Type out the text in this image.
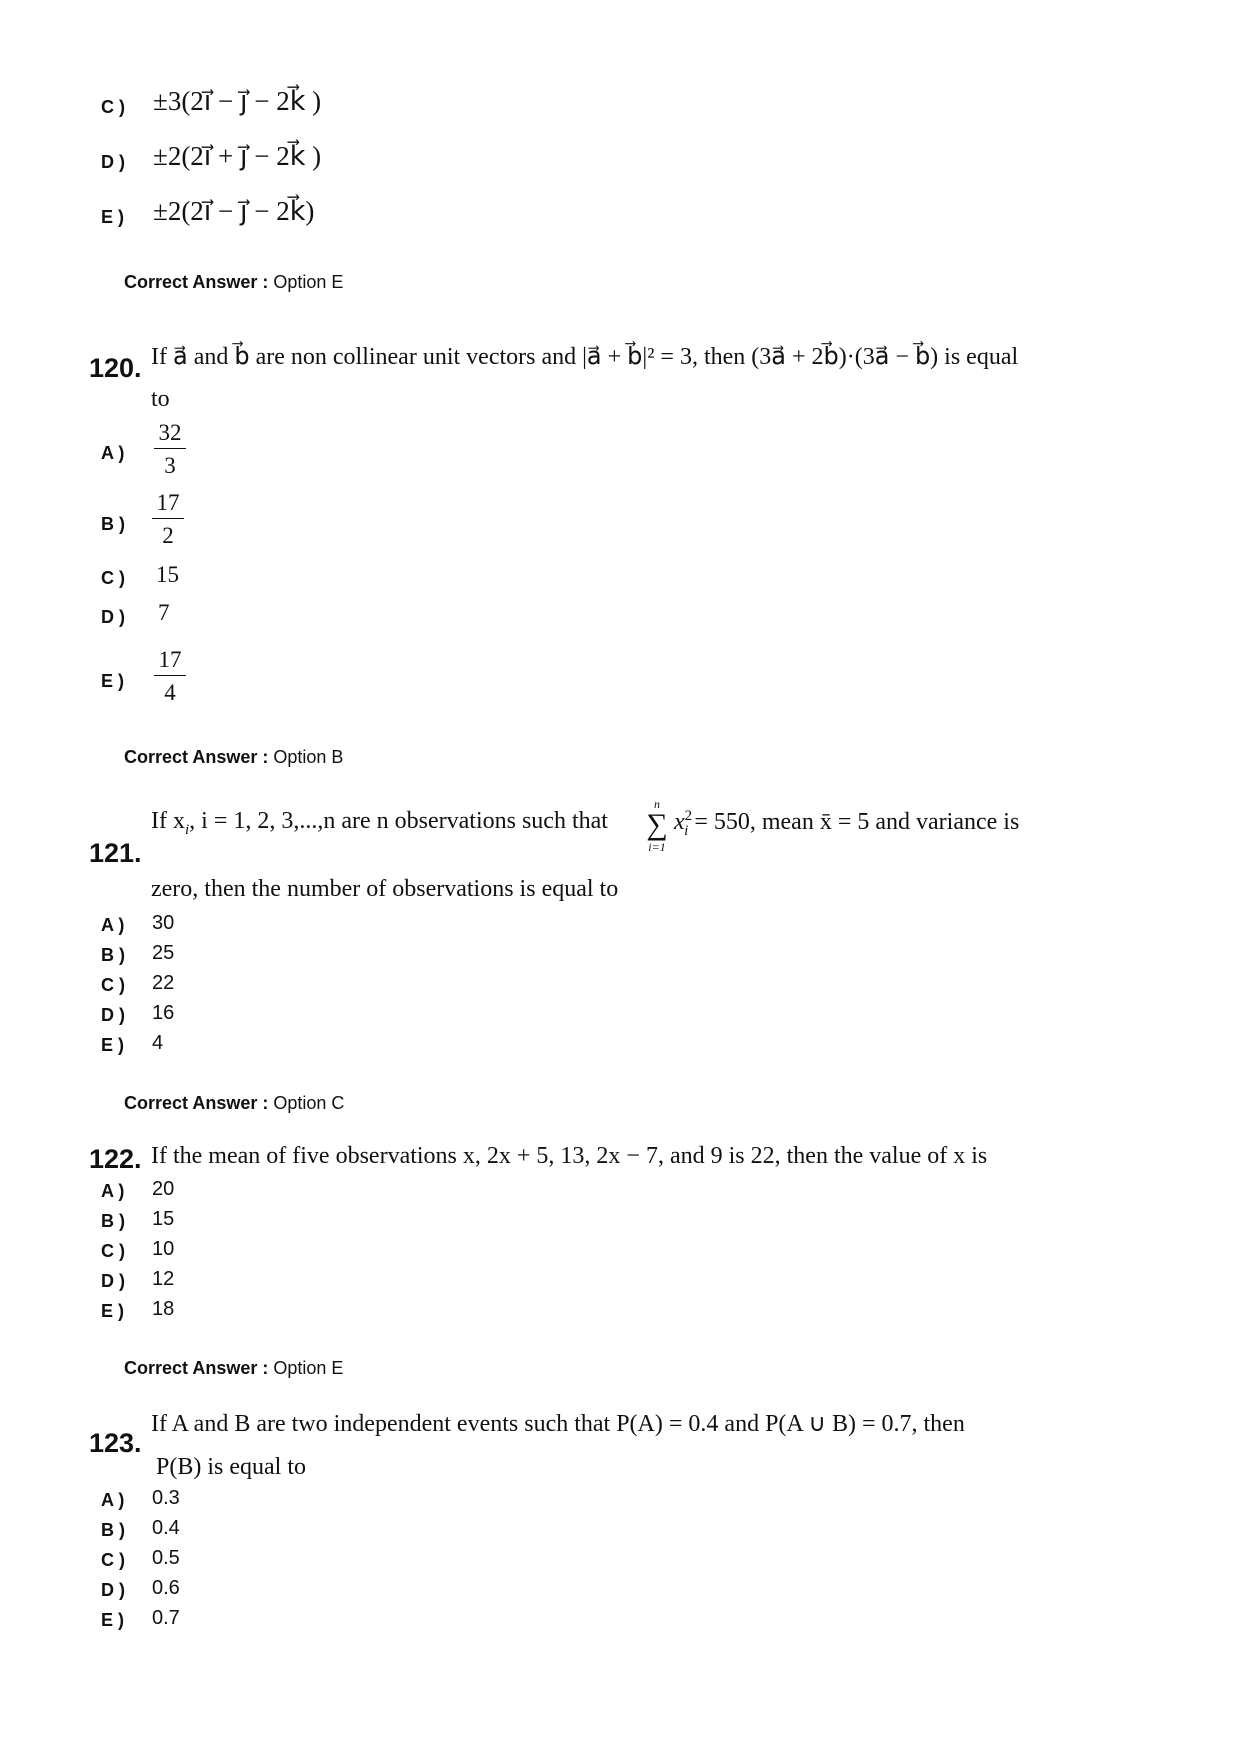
C ) ±3(2i⃗ − j⃗ − 2k⃗ )
D ) ±2(2i⃗ + j⃗ − 2k⃗ )
E ) ±2(2i⃗ − j⃗ − 2k⃗)
Correct Answer : Option E
120. If a⃗ and b⃗ are non collinear unit vectors and |a⃗ + b⃗|² = 3, then (3a⃗ + 2b⃗)·(3a⃗ − b⃗) is equal
to
A ) $\frac{32}{3}$
B ) $\frac{17}{2}$
C ) 15
D ) 7
E ) $\frac{17}{4}$
Correct Answer : Option B
121.
If $x_i$, i = 1, 2, 3,...,n are n observations such that
n
∑
i=1
$x^2_i = 550$, mean x̄ = 5 and variance is
zero, then the number of observations is equal to
A ) 30
B ) 25
C ) 22
D ) 16
E ) 4
Correct Answer : Option C
122. If the mean of five observations x, 2x + 5, 13, 2x − 7, and 9 is 22, then the value of x is
A ) 20
B ) 15
C ) 10
D ) 12
E ) 18
Correct Answer : Option E
123.
If A and B are two independent events such that P(A) = 0.4 and P(A ∪ B) = 0.7, then
P(B) is equal to
A ) 0.3
B ) 0.4
C ) 0.5
D ) 0.6
E ) 0.7
